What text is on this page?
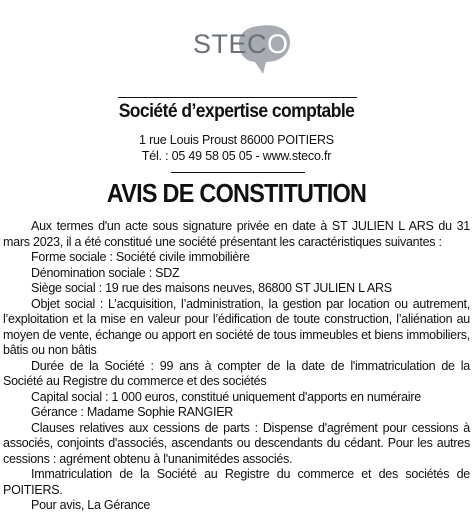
STECO
Société d’expertise comptable
1 rue Louis Proust 86000 POITIERS
Tél. : 05 49 58 05 05 - www.steco.fr
AVIS DE CONSTITUTION

Aux termes d'un acte sous signature privée en date à ST JULIEN L ARS du 31 mars 2023, il a été constitué une société présentant les caractéristiques suivantes :

Forme sociale : Société civile immobilière

Dénomination sociale : SDZ

Siège social : 19 rue des maisons neuves, 86800 ST JULIEN L ARS

Objet social : L’acquisition, l’administration, la gestion par location ou autrement, l’exploitation et la mise en valeur pour l’édification de toute construction, l’aliénation au moyen de vente, échange ou apport en société de tous immeubles et biens immobiliers, bâtis ou non bâtis

Durée de la Société : 99 ans à compter de la date de l'immatriculation de la Société au Registre du commerce et des sociétés

Capital social : 1 000 euros, constitué uniquement d'apports en numéraire

Gérance : Madame Sophie RANGIER

Clauses relatives aux cessions de parts : Dispense d'agrément pour cessions à associés, conjoints d'associés, ascendants ou descendants du cédant. Pour les autres cessions : agrément obtenu à l'unanimitédes associés.

Immatriculation de la Société au Registre du commerce et des sociétés de POITIERS.

Pour avis, La Gérance
